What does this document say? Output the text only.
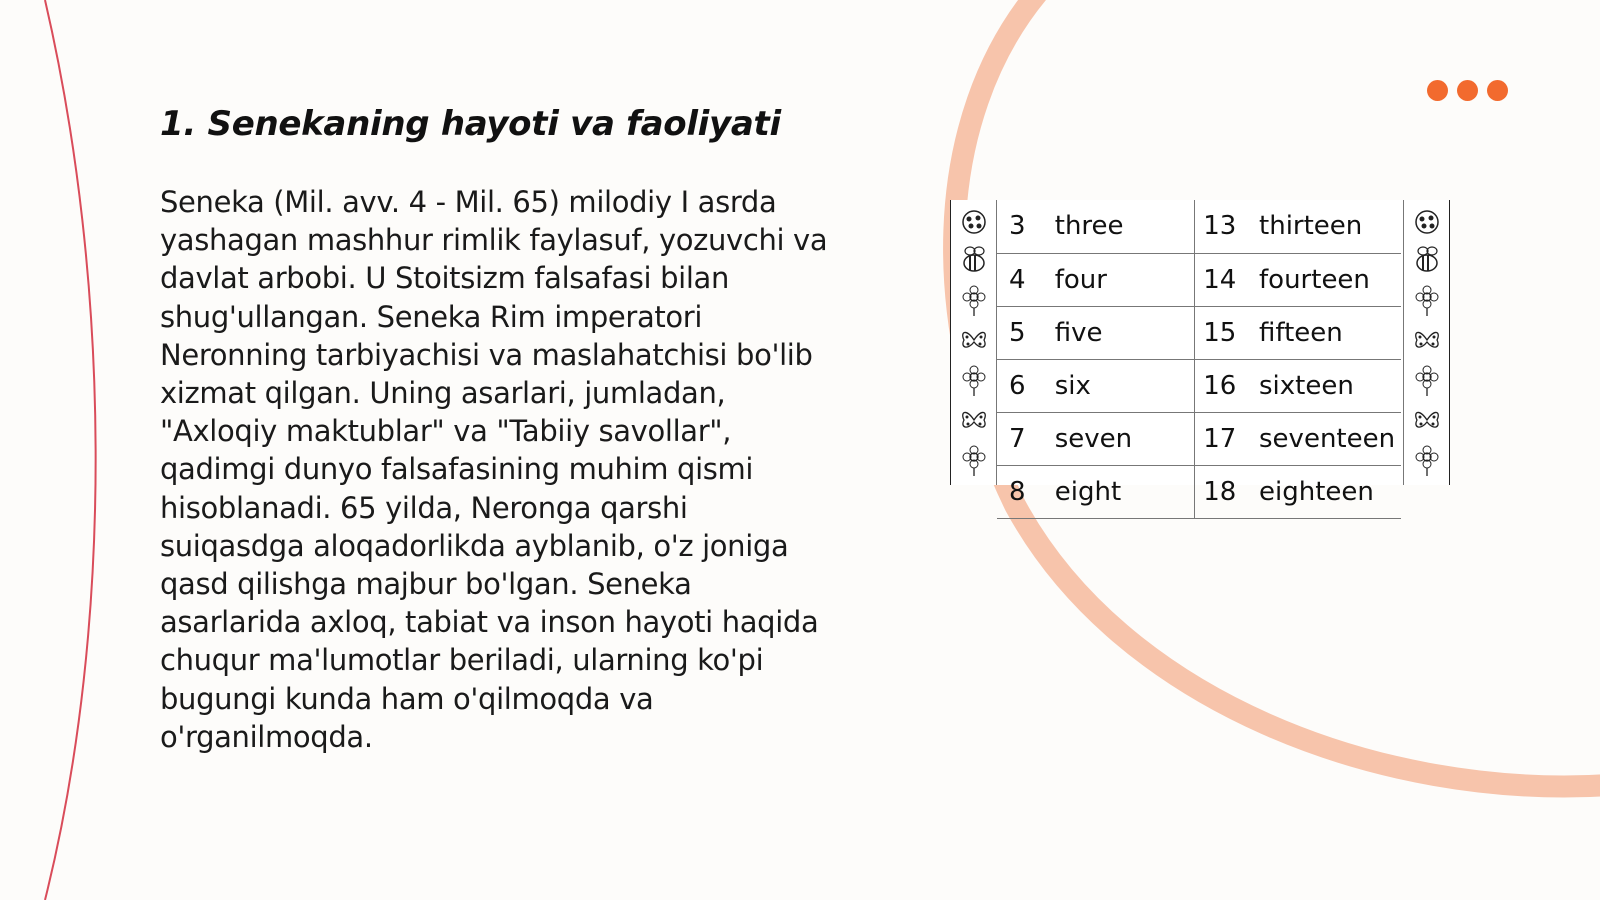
1. Senekaning hayoti va faoliyati

Seneka (Mil. avv. 4 - Mil. 65) milodiy I asrda yashagan mashhur rimlik faylasuf, yozuvchi va davlat arbobi. U Stoitsizm falsafasi bilan shug'ullangan. Seneka Rim imperatori Neronning tarbiyachisi va maslahatchisi bo'lib xizmat qilgan. Uning asarlari, jumladan, "Axloqiy maktublar" va "Tabiiy savollar", qadimgi dunyo falsafasining muhim qismi hisoblanadi. 65 yilda, Neronga qarshi suiqasdga aloqadorlikda ayblanib, o'z joniga qasd qilishga majbur bo'lgan. Seneka asarlarida axloq, tabiat va inson hayoti haqida chuqur ma'lumotlar beriladi, ularning ko'pi bugungi kunda ham o'qilmoqda va o'rganilmoqda.

3	three	13	thirteen
4	four	14	fourteen
5	five	15	fifteen
6	six	16	sixteen
7	seven	17	seventeen
8	eight	18	eighteen
